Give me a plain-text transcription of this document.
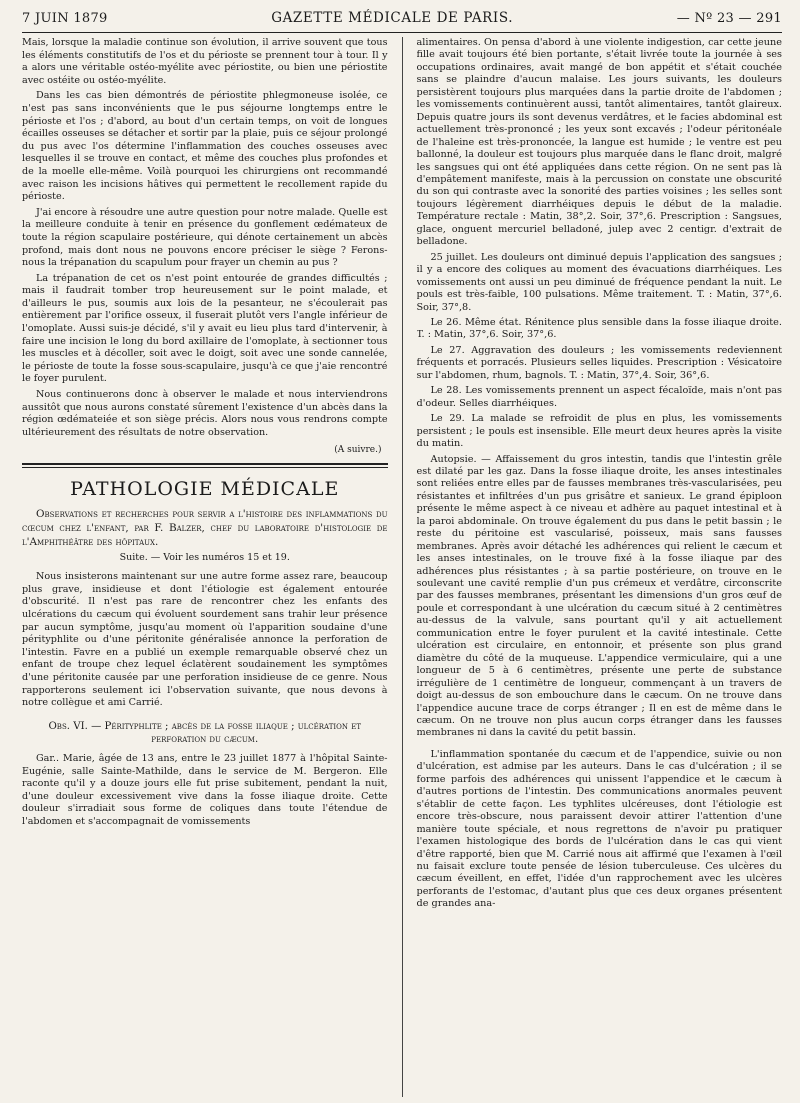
7 JUIN 1879	GAZETTE MÉDICALE DE PARIS.	— Nº 23 — 291

Mais, lorsque la maladie continue son évolution, il arrive souvent que tous les éléments constitutifs de l'os et du périoste se prennent tour à tour. Il y a alors une véritable ostéo-myélite avec périostite, ou bien une périostite avec ostéite ou ostéo-myélite.

Dans les cas bien démontrés de périostite phlegmoneuse isolée, ce n'est pas sans inconvénients que le pus séjourne longtemps entre le périoste et l'os ; d'abord, au bout d'un certain temps, on voit de longues écailles osseuses se détacher et sortir par la plaie, puis ce séjour prolongé du pus avec l'os détermine l'inflammation des couches osseuses avec lesquelles il se trouve en contact, et même des couches plus profondes et de la moelle elle-même. Voilà pourquoi les chirurgiens ont recommandé avec raison les incisions hâtives qui permettent le recollement rapide du périoste.

J'ai encore à résoudre une autre question pour notre malade. Quelle est la meilleure conduite à tenir en présence du gonflement œdémateux de toute la région scapulaire postérieure, qui dénote certainement un abcès profond, mais dont nous ne pouvons encore préciser le siège ? Ferons-nous la trépanation du scapulum pour frayer un chemin au pus ?

La trépanation de cet os n'est point entourée de grandes difficultés ; mais il faudrait tomber trop heureusement sur le point malade, et d'ailleurs le pus, soumis aux lois de la pesanteur, ne s'écoulerait pas entièrement par l'orifice osseux, il fuserait plutôt vers l'angle inférieur de l'omoplate. Aussi suis-je décidé, s'il y avait eu lieu plus tard d'intervenir, à faire une incision le long du bord axillaire de l'omoplate, à sectionner tous les muscles et à décoller, soit avec le doigt, soit avec une sonde cannelée, le périoste de toute la fosse sous-scapulaire, jusqu'à ce que j'aie rencontré le foyer purulent.

Nous continuerons donc à observer le malade et nous interviendrons aussitôt que nous aurons constaté sûrement l'existence d'un abcès dans la région œdémateiée et son siège précis. Alors nous vous rendrons compte ultérieurement des résultats de notre observation.

(A suivre.)
PATHOLOGIE MÉDICALE

Observations et recherches pour servir a l'histoire des inflammations du cœcum chez l'enfant, par F. Balzer, chef du laboratoire d'histologie de l'Amphithéâtre des hôpitaux.

Suite. — Voir les numéros 15 et 19.

Nous insisterons maintenant sur une autre forme assez rare, beaucoup plus grave, insidieuse et dont l'étiologie est également entourée d'obscurité. Il n'est pas rare de rencontrer chez les enfants des ulcérations du cæcum qui évoluent sourdement sans trahir leur présence par aucun symptôme, jusqu'au moment où l'apparition soudaine d'une pérityphlite ou d'une péritonite généralisée annonce la perforation de l'intestin. Favre en a publié un exemple remarquable observé chez un enfant de troupe chez lequel éclatèrent soudainement les symptômes d'une péritonite causée par une perforation insidieuse de ce genre. Nous rapporterons seulement ici l'observation suivante, que nous devons à notre collègue et ami Carrié.

Obs. VI. — Pérityphlite ; abcès de la fosse iliaque ; ulcération et perforation du cæcum.

Gar.. Marie, âgée de 13 ans, entre le 23 juillet 1877 à l'hôpital Sainte-Eugénie, salle Sainte-Mathilde, dans le service de M. Bergeron. Elle raconte qu'il y a douze jours elle fut prise subitement, pendant la nuit, d'une douleur excessivement vive dans la fosse iliaque droite. Cette douleur s'irradiait sous forme de coliques dans toute l'étendue de l'abdomen et s'accompagnait de vomissements

alimentaires. On pensa d'abord à une violente indigestion, car cette jeune fille avait toujours été bien portante, s'était livrée toute la journée à ses occupations ordinaires, avait mangé de bon appétit et s'était couchée sans se plaindre d'aucun malaise. Les jours suivants, les douleurs persistèrent toujours plus marquées dans la partie droite de l'abdomen ; les vomissements continuèrent aussi, tantôt alimentaires, tantôt glaireux. Depuis quatre jours ils sont devenus verdâtres, et le facies abdominal est actuellement très-prononcé ; les yeux sont excavés ; l'odeur péritonéale de l'haleine est très-prononcée, la langue est humide ; le ventre est peu ballonné, la douleur est toujours plus marquée dans le flanc droit, malgré les sangsues qui ont été appliquées dans cette région. On ne sent pas là d'empâtement manifeste, mais à la percussion on constate une obscurité du son qui contraste avec la sonorité des parties voisines ; les selles sont toujours légèrement diarrhéiques depuis le début de la maladie. Température rectale : Matin, 38°,2. Soir, 37°,6. Prescription : Sangsues, glace, onguent mercuriel belladoné, julep avec 2 centigr. d'extrait de belladone.

25 juillet. Les douleurs ont diminué depuis l'application des sangsues ; il y a encore des coliques au moment des évacuations diarrhéiques. Les vomissements ont aussi un peu diminué de fréquence pendant la nuit. Le pouls est très-faible, 100 pulsations. Même traitement. T. : Matin, 37°,6. Soir, 37°,8.

Le 26. Même état. Rénitence plus sensible dans la fosse iliaque droite. T. : Matin, 37°,6. Soir, 37°,6.

Le 27. Aggravation des douleurs ; les vomissements redeviennent fréquents et porracés. Plusieurs selles liquides. Prescription : Vésicatoire sur l'abdomen, rhum, bagnols. T. : Matin, 37°,4. Soir, 36°,6.

Le 28. Les vomissements prennent un aspect fécaloïde, mais n'ont pas d'odeur. Selles diarrhéiques.

Le 29. La malade se refroidit de plus en plus, les vomissements persistent ; le pouls est insensible. Elle meurt deux heures après la visite du matin.

Autopsie. — Affaissement du gros intestin, tandis que l'intestin grêle est dilaté par les gaz. Dans la fosse iliaque droite, les anses intestinales sont reliées entre elles par de fausses membranes très-vascularisées, peu résistantes et infiltrées d'un pus grisâtre et sanieux. Le grand épiploon présente le même aspect à ce niveau et adhère au paquet intestinal et à la paroi abdominale. On trouve également du pus dans le petit bassin ; le reste du péritoine est vascularisé, poisseux, mais sans fausses membranes. Après avoir détaché les adhérences qui relient le cæcum et les anses intestinales, on le trouve fixé à la fosse iliaque par des adhérences plus résistantes ; à sa partie postérieure, on trouve en le soulevant une cavité remplie d'un pus crémeux et verdâtre, circonscrite par des fausses membranes, présentant les dimensions d'un gros œuf de poule et correspondant à une ulcération du cæcum situé à 2 centimètres au-dessus de la valvule, sans pourtant qu'il y ait actuellement communication entre le foyer purulent et la cavité intestinale. Cette ulcération est circulaire, en entonnoir, et présente son plus grand diamètre du côté de la muqueuse. L'appendice vermiculaire, qui a une longueur de 5 à 6 centimètres, présente une perte de substance irrégulière de 1 centimètre de longueur, commençant à un travers de doigt au-dessus de son embouchure dans le cæcum. On ne trouve dans l'appendice aucune trace de corps étranger ; Il en est de même dans le cæcum. On ne trouve non plus aucun corps étranger dans les fausses membranes ni dans la cavité du petit bassin.

L'inflammation spontanée du cæcum et de l'appendice, suivie ou non d'ulcération, est admise par les auteurs. Dans le cas d'ulcération ; il se forme parfois des adhérences qui unissent l'appendice et le cæcum à d'autres portions de l'intestin. Des communications anormales peuvent s'établir de cette façon. Les typhlites ulcéreuses, dont l'étiologie est encore très-obscure, nous paraissent devoir attirer l'attention d'une manière toute spéciale, et nous regrettons de n'avoir pu pratiquer l'examen histologique des bords de l'ulcération dans le cas qui vient d'être rapporté, bien que M. Carrié nous ait affirmé que l'examen à l'œil nu faisait exclure toute pensée de lésion tuberculeuse. Ces ulcères du cæcum éveillent, en effet, l'idée d'un rapprochement avec les ulcères perforants de l'estomac, d'autant plus que ces deux organes présentent de grandes ana-
